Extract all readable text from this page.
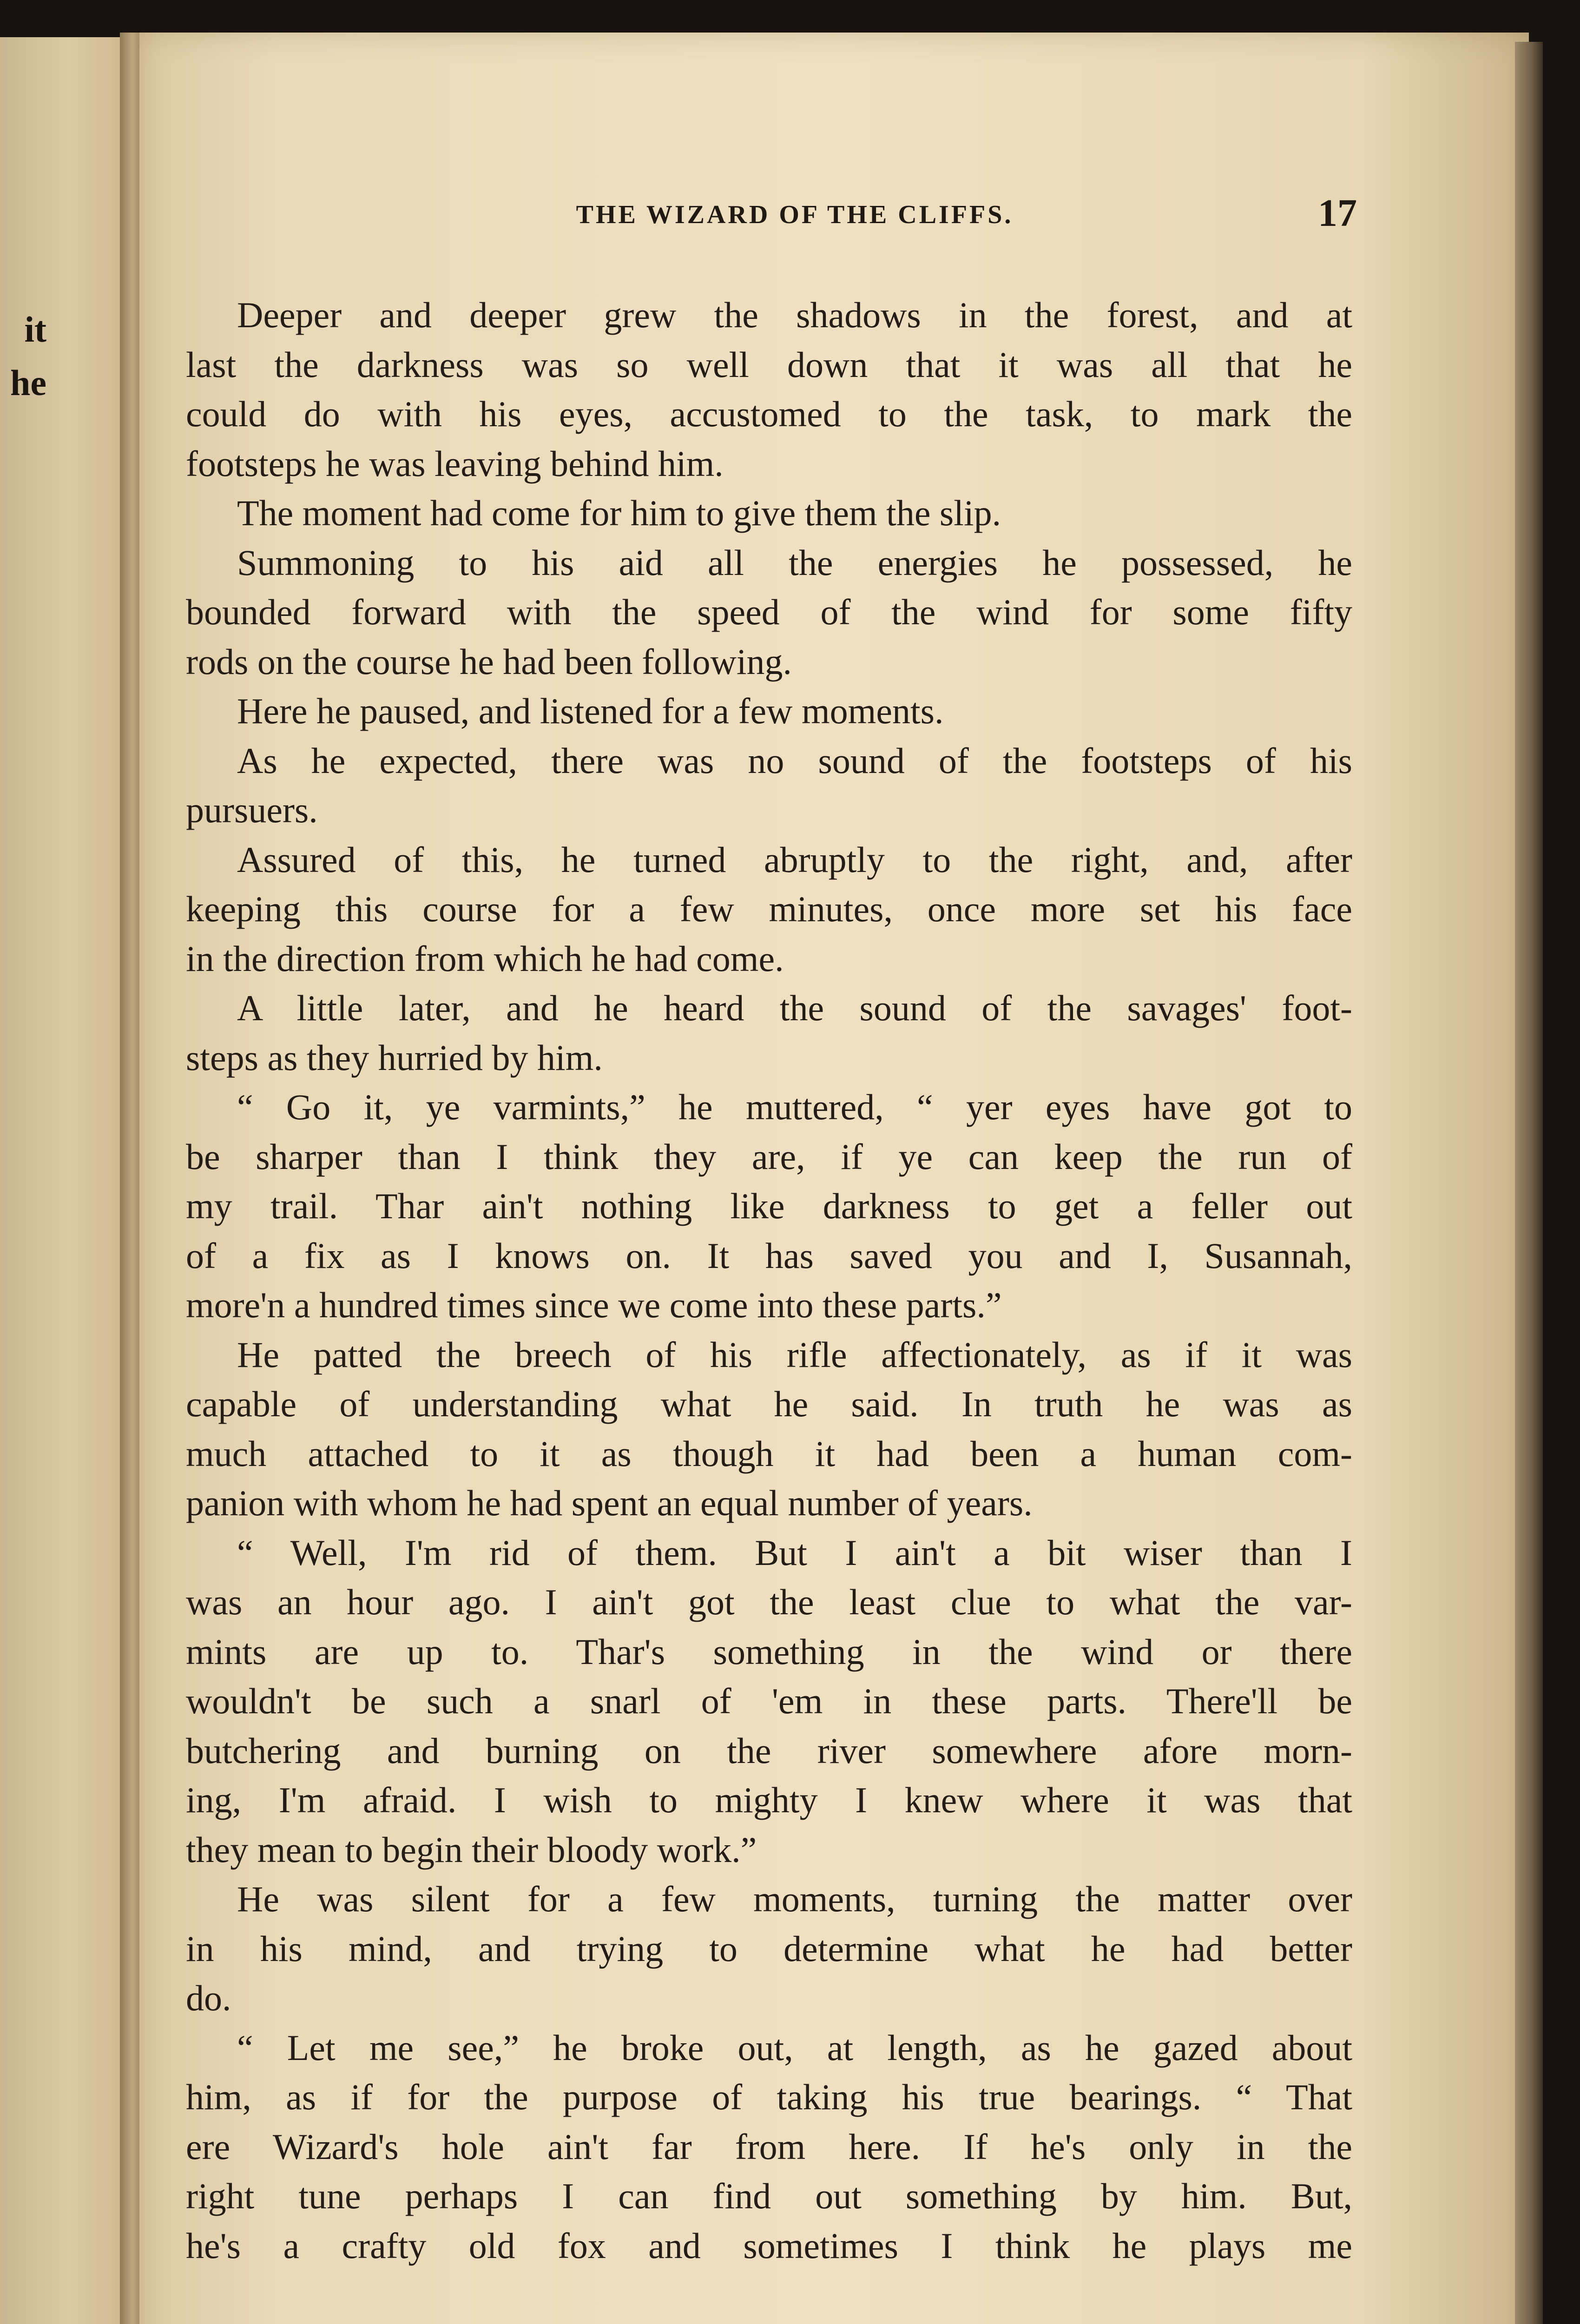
it
he
THE WIZARD OF THE CLIFFS.	17
Deeper and deeper grew the shadows in the forest, and at
last the darkness was so well down that it was all that he
could do with his eyes, accustomed to the task, to mark the
footsteps he was leaving behind him.
The moment had come for him to give them the slip.
Summoning to his aid all the energies he possessed, he
bounded forward with the speed of the wind for some fifty
rods on the course he had been following.
Here he paused, and listened for a few moments.
As he expected, there was no sound of the footsteps of his
pursuers.
Assured of this, he turned abruptly to the right, and, after
keeping this course for a few minutes, once more set his face
in the direction from which he had come.
A little later, and he heard the sound of the savages' foot-
steps as they hurried by him.
“ Go it, ye varmints,” he muttered, “ yer eyes have got to
be sharper than I think they are, if ye can keep the run of
my trail. Thar ain't nothing like darkness to get a feller out
of a fix as I knows on. It has saved you and I, Susannah,
more'n a hundred times since we come into these parts.”
He patted the breech of his rifle affectionately, as if it was
capable of understanding what he said. In truth he was as
much attached to it as though it had been a human com-
panion with whom he had spent an equal number of years.
“ Well, I'm rid of them. But I ain't a bit wiser than I
was an hour ago. I ain't got the least clue to what the var-
mints are up to. Thar's something in the wind or there
wouldn't be such a snarl of 'em in these parts. There'll be
butchering and burning on the river somewhere afore morn-
ing, I'm afraid. I wish to mighty I knew where it was that
they mean to begin their bloody work.”
He was silent for a few moments, turning the matter over
in his mind, and trying to determine what he had better
do.
“ Let me see,” he broke out, at length, as he gazed about
him, as if for the purpose of taking his true bearings. “ That
ere Wizard's hole ain't far from here. If he's only in the
right tune perhaps I can find out something by him. But,
he's a crafty old fox and sometimes I think he plays me
